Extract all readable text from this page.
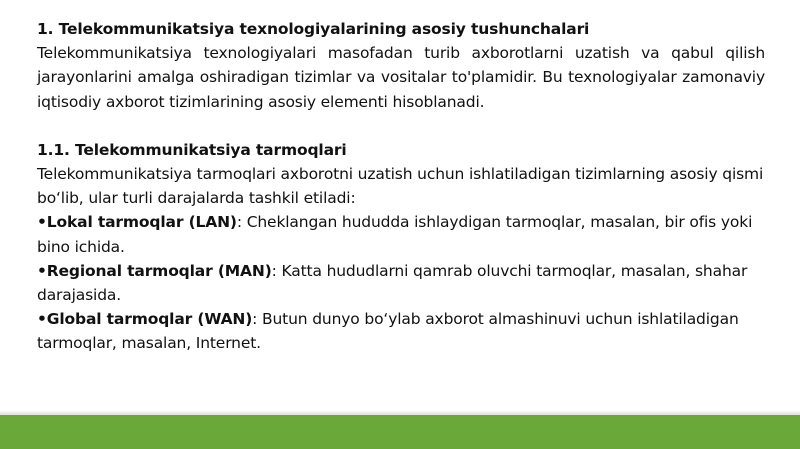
1. Telekommunikatsiya texnologiyalarining asosiy tushunchalari

Telekommunikatsiya texnologiyalari masofadan turib axborotlarni uzatish va qabul qilish jarayonlarini amalga oshiradigan tizimlar va vositalar to'plamidir. Bu texnologiyalar zamonaviy iqtisodiy axborot tizimlarining asosiy elementi hisoblanadi.

1.1. Telekommunikatsiya tarmoqlari

Telekommunikatsiya tarmoqlari axborotni uzatish uchun ishlatiladigan tizimlarning asosiy qismi bo‘lib, ular turli darajalarda tashkil etiladi:

•Lokal tarmoqlar (LAN): Cheklangan hududda ishlaydigan tarmoqlar, masalan, bir ofis yoki bino ichida.

•Regional tarmoqlar (MAN): Katta hududlarni qamrab oluvchi tarmoqlar, masalan, shahar darajasida.

•Global tarmoqlar (WAN): Butun dunyo bo‘ylab axborot almashinuvi uchun ishlatiladigan tarmoqlar, masalan, Internet.
